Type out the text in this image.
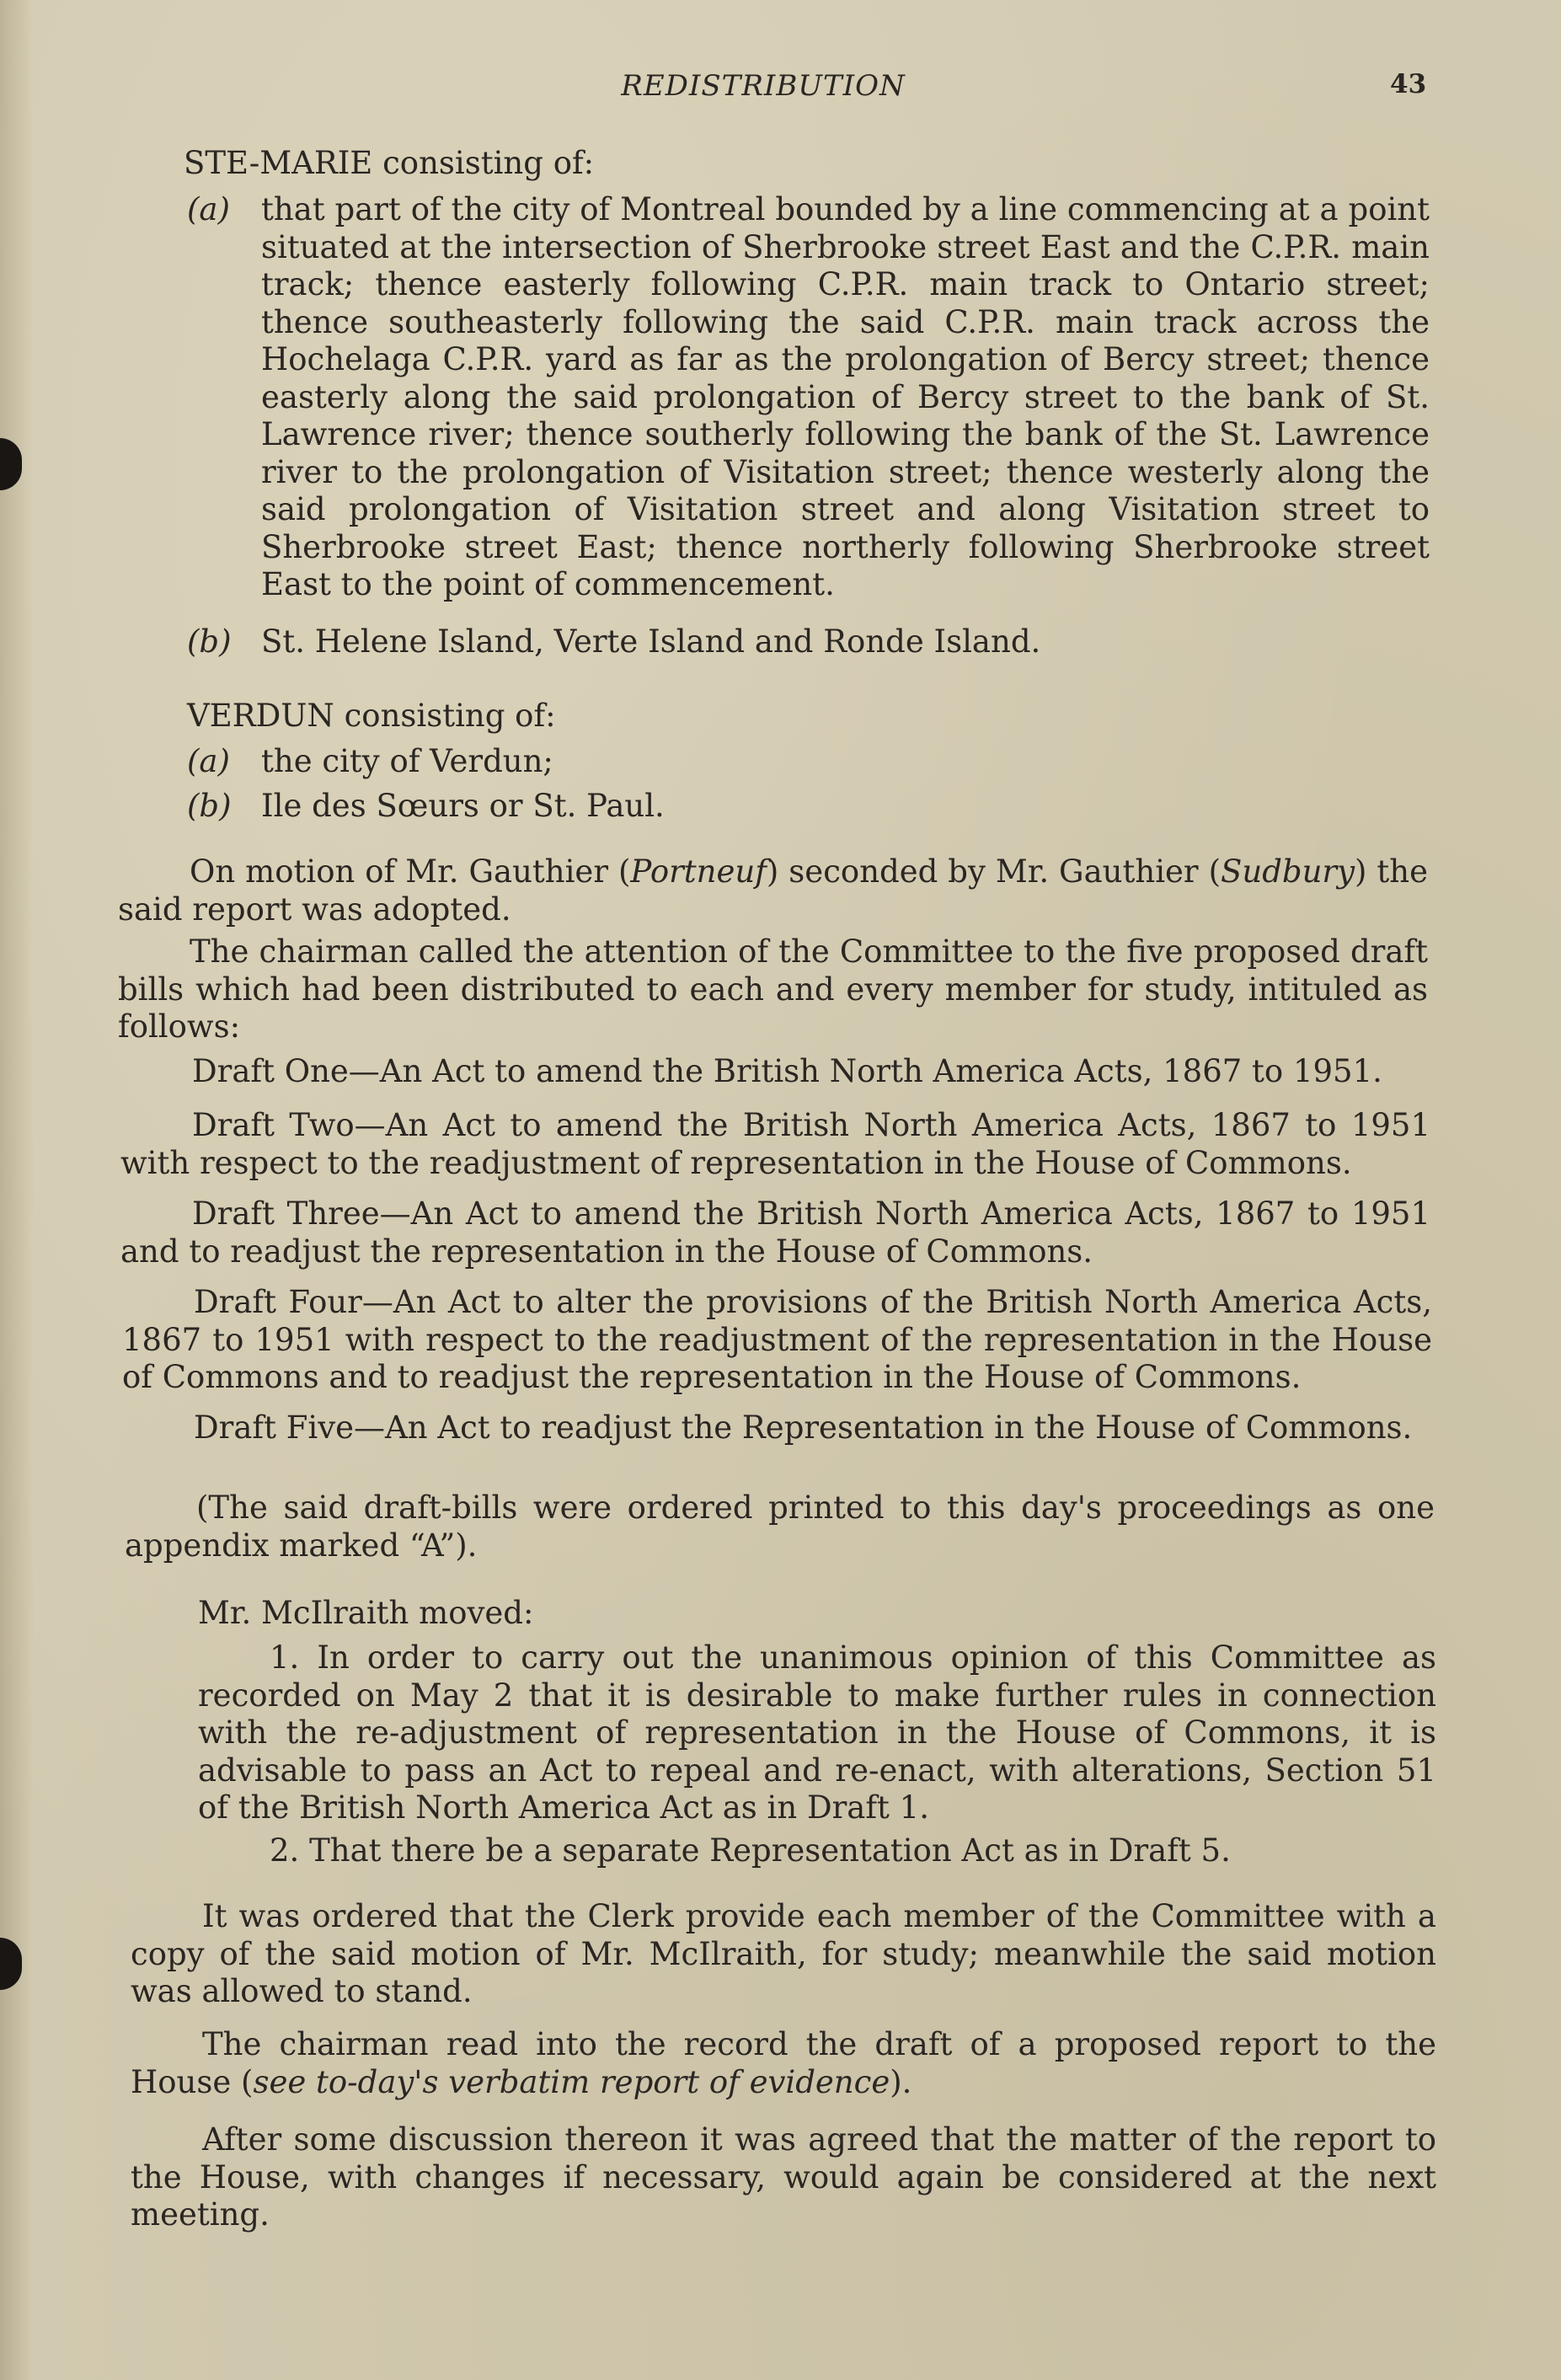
REDISTRIBUTION	43
STE-MARIE consisting of:
(a) that part of the city of Montreal bounded by a line commencing at a point situated at the intersection of Sherbrooke street East and the C.P.R. main track; thence easterly following C.P.R. main track to Ontario street; thence southeasterly following the said C.P.R. main track across the Hochelaga C.P.R. yard as far as the prolongation of Bercy street; thence easterly along the said prolongation of Bercy street to the bank of St. Lawrence river; thence southerly following the bank of the St. Lawrence river to the prolongation of Visitation street; thence westerly along the said prolongation of Visitation street and along Visitation street to Sherbrooke street East; thence northerly following Sherbrooke street East to the point of commencement.
(b) St. Helene Island, Verte Island and Ronde Island.
VERDUN consisting of:
(a) the city of Verdun;
(b) Ile des Sœurs or St. Paul.
On motion of Mr. Gauthier (Portneuf) seconded by Mr. Gauthier (Sudbury) the said report was adopted.
The chairman called the attention of the Committee to the five proposed draft bills which had been distributed to each and every member for study, intituled as follows:
Draft One—An Act to amend the British North America Acts, 1867 to 1951.
Draft Two—An Act to amend the British North America Acts, 1867 to 1951 with respect to the readjustment of representation in the House of Commons.
Draft Three—An Act to amend the British North America Acts, 1867 to 1951 and to readjust the representation in the House of Commons.
Draft Four—An Act to alter the provisions of the British North America Acts, 1867 to 1951 with respect to the readjustment of the representation in the House of Commons and to readjust the representation in the House of Commons.
Draft Five—An Act to readjust the Representation in the House of Commons.
(The said draft-bills were ordered printed to this day's proceedings as one appendix marked “A”).
Mr. McIlraith moved:
1. In order to carry out the unanimous opinion of this Committee as recorded on May 2 that it is desirable to make further rules in connection with the re-adjustment of representation in the House of Commons, it is advisable to pass an Act to repeal and re-enact, with alterations, Section 51 of the British North America Act as in Draft 1.
2. That there be a separate Representation Act as in Draft 5.
It was ordered that the Clerk provide each member of the Committee with a copy of the said motion of Mr. McIlraith, for study; meanwhile the said motion was allowed to stand.
The chairman read into the record the draft of a proposed report to the House (see to-day's verbatim report of evidence).
After some discussion thereon it was agreed that the matter of the report to the House, with changes if necessary, would again be considered at the next meeting.
